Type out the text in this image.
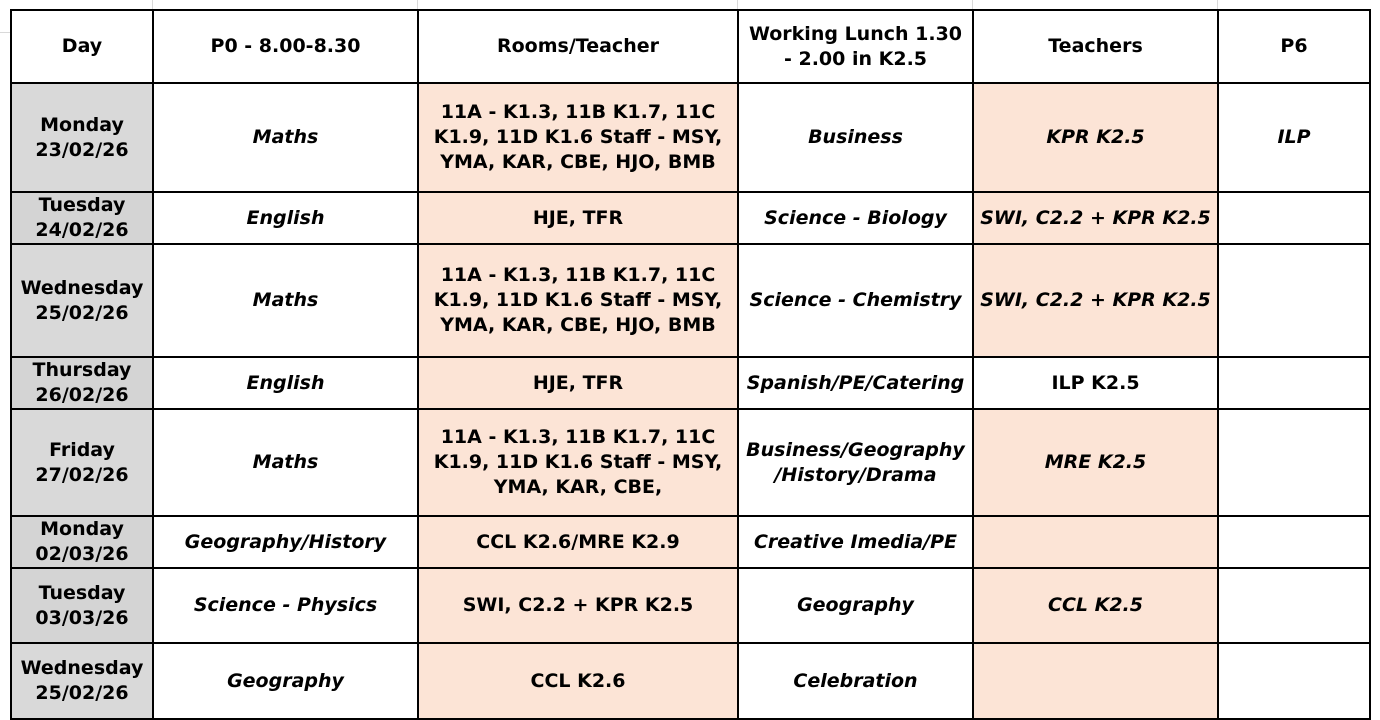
Day	P0 - 8.00-8.30	Rooms/Teacher	Working Lunch 1.30 - 2.00 in K2.5	Teachers	P6

Monday
23/02/26	Maths	11A - K1.3, 11B K1.7, 11C K1.9, 11D K1.6 Staff - MSY, YMA, KAR, CBE, HJO, BMB	Business	KPR K2.5	ILP

Tuesday
24/02/26	English	HJE, TFR	Science - Biology	SWI, C2.2 + KPR K2.5	

Wednesday
25/02/26	Maths	11A - K1.3, 11B K1.7, 11C K1.9, 11D K1.6 Staff - MSY, YMA, KAR, CBE, HJO, BMB	Science - Chemistry	SWI, C2.2 + KPR K2.5	

Thursday
26/02/26	English	HJE, TFR	Spanish/PE/Catering	ILP K2.5	

Friday
27/02/26	Maths	11A - K1.3, 11B K1.7, 11C K1.9, 11D K1.6 Staff - MSY, YMA, KAR, CBE,	Business/Geography /History/Drama	MRE K2.5	

Monday
02/03/26	Geography/History	CCL K2.6/MRE K2.9	Creative Imedia/PE		

Tuesday
03/03/26	Science - Physics	SWI, C2.2 + KPR K2.5	Geography	CCL K2.5	

Wednesday
25/02/26	Geography	CCL K2.6	Celebration		
